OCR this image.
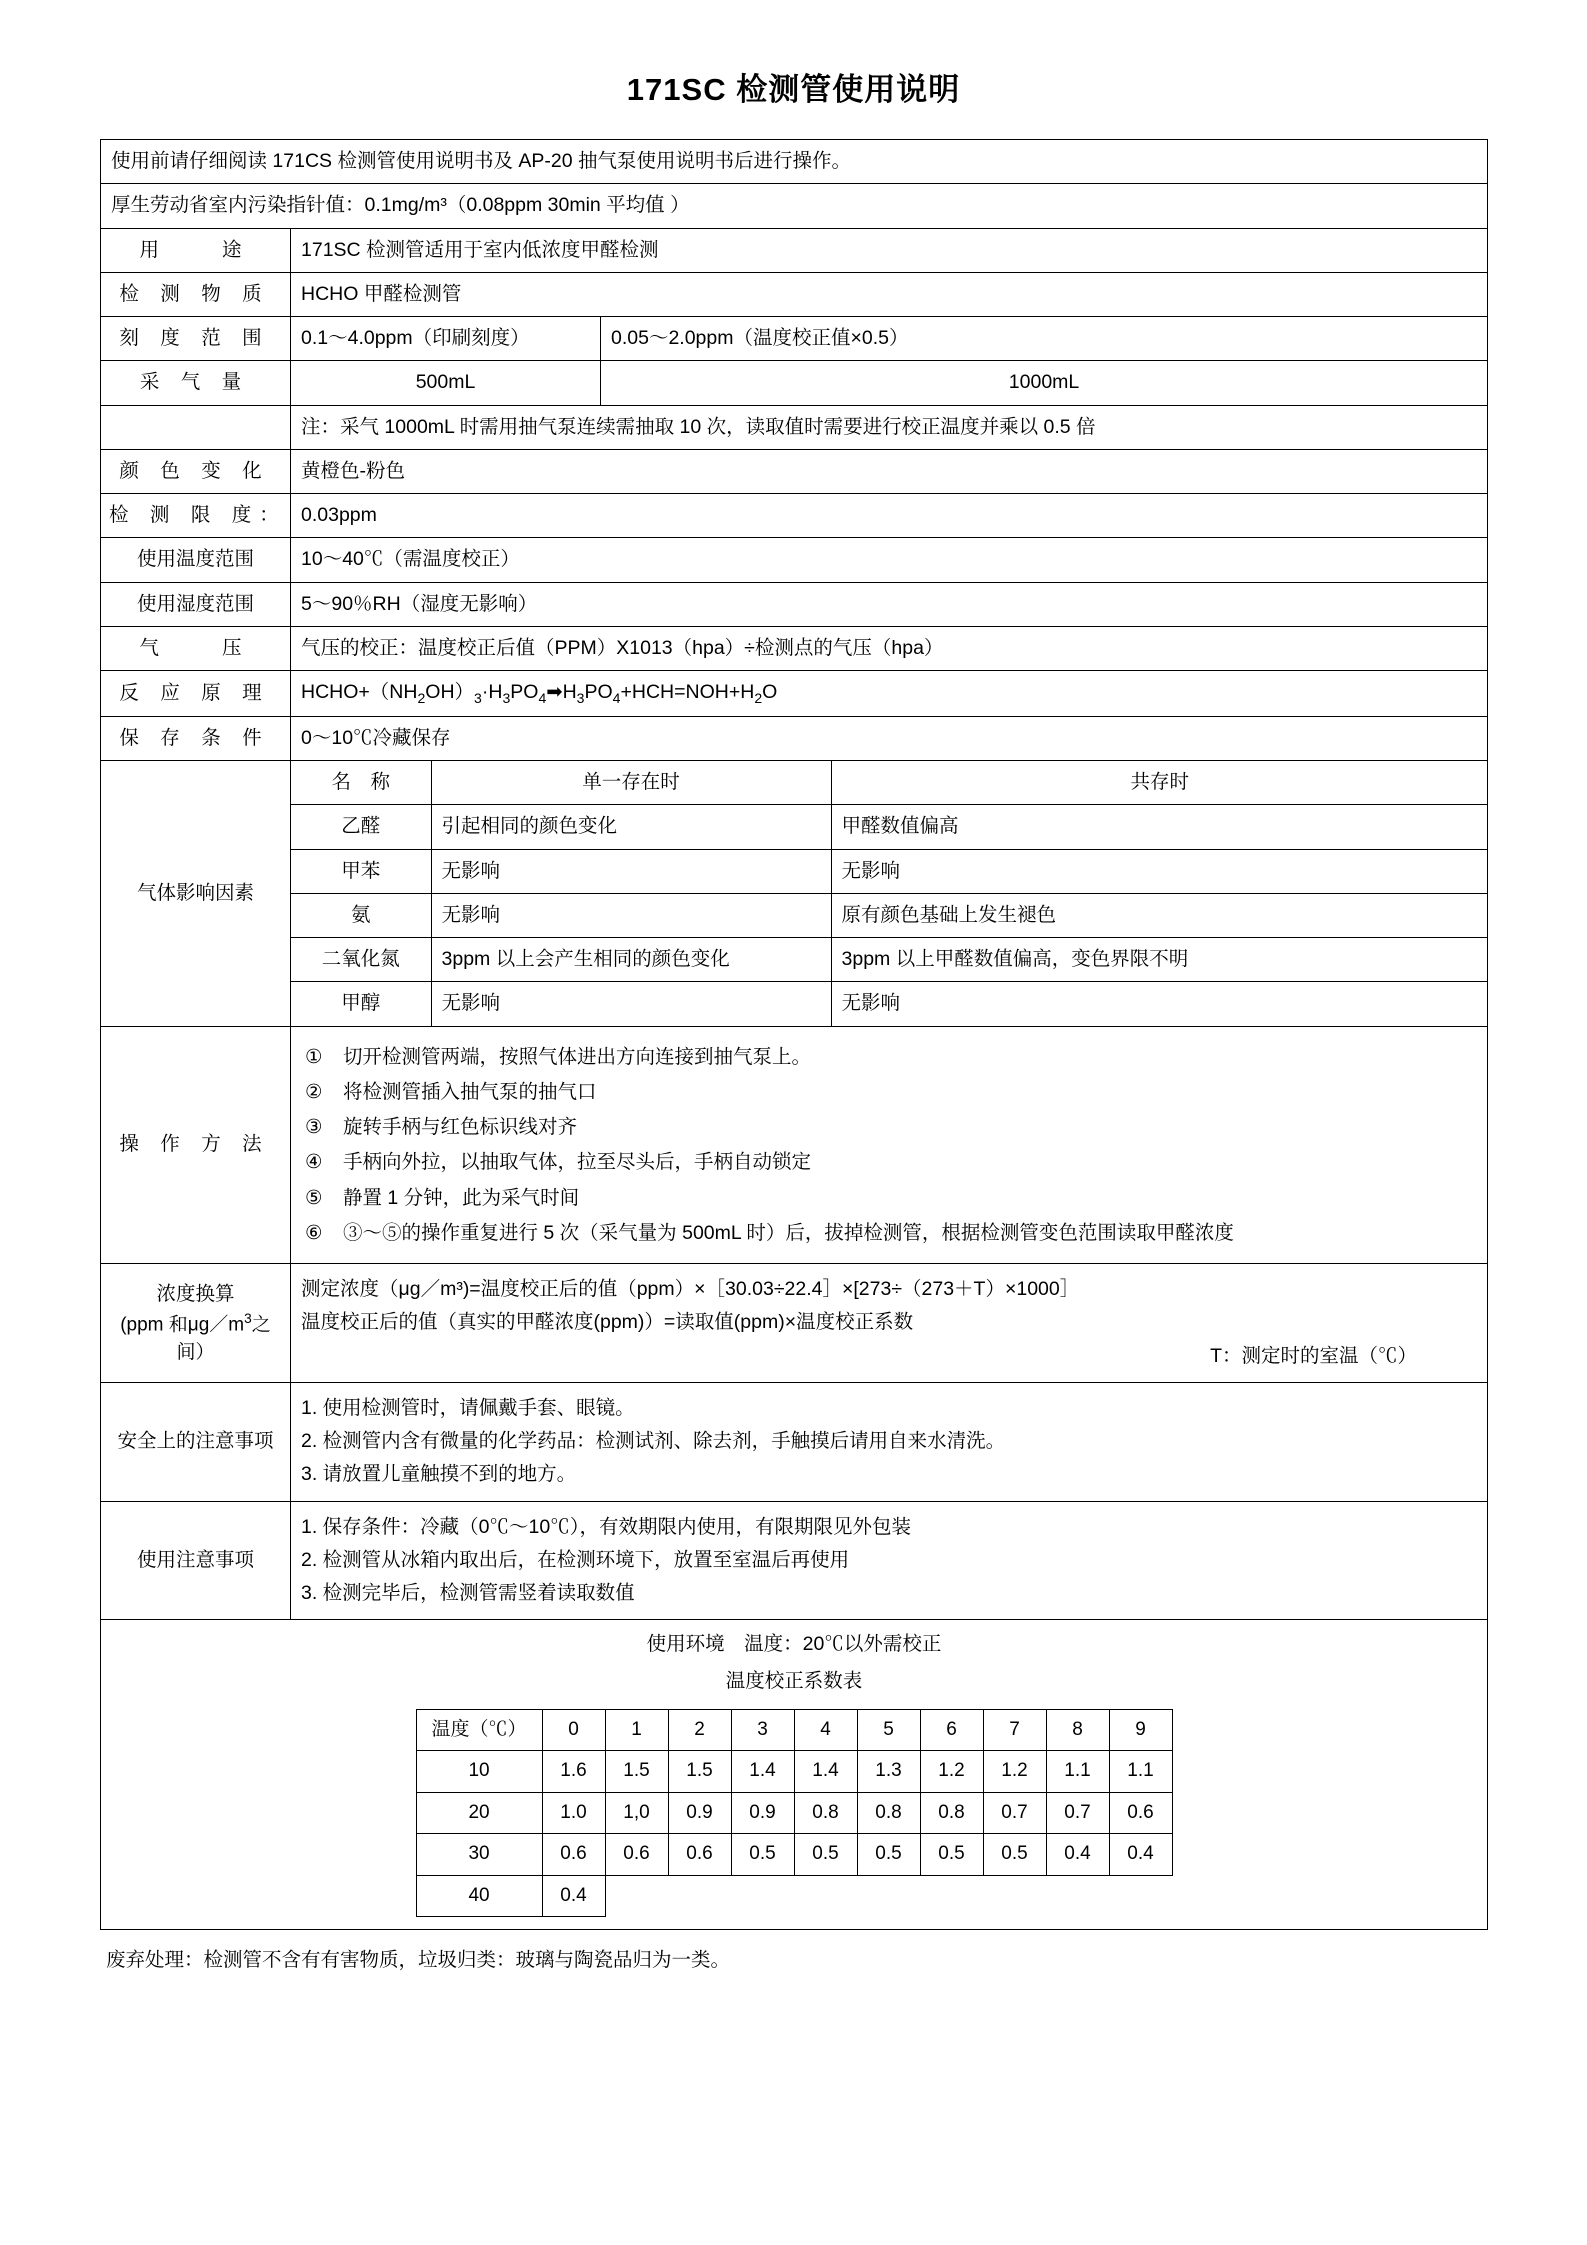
171SC 检测管使用说明
使用前请仔细阅读 171CS 检测管使用说明书及 AP-20 抽气泵使用说明书后进行操作。
厚生劳动省室内污染指针值：0.1mg/m³（0.08ppm 30min 平均值 ）
用　　途	171SC 检测管适用于室内低浓度甲醛检测
检 测 物 质	HCHO 甲醛检测管
刻 度 范 围	0.1～4.0ppm（印刷刻度）	0.05～2.0ppm（温度校正值×0.5）
采 气 量	500mL	1000mL
	注：采气 1000mL 时需用抽气泵连续需抽取 10 次，读取值时需要进行校正温度并乘以 0.5 倍
颜 色 变 化	黄橙色-粉色
检 测 限 度：	0.03ppm
使用温度范围	10～40℃（需温度校正）
使用湿度范围	5～90％RH（湿度无影响）
气　　压	气压的校正：温度校正后值（PPM）X1013（hpa）÷检测点的气压（hpa）
反 应 原 理	$HCHO+(NH_2OH)_3\cdot H_3PO_4➡H_3PO_4+HCH=NOH+H_2O$
保 存 条 件	0～10℃冷藏保存
气体影响因素	
名　称	单一存在时	共存时
乙醛	引起相同的颜色变化	甲醛数值偏高
甲苯	无影响	无影响
氨	无影响	原有颜色基础上发生褪色
二氧化氮	3ppm 以上会产生相同的颜色变化	3ppm 以上甲醛数值偏高，变色界限不明
甲醇	无影响	无影响

操 作 方 法	
①	切开检测管两端，按照气体进出方向连接到抽气泵上。
②	将检测管插入抽气泵的抽气口
③	旋转手柄与红色标识线对齐
④	手柄向外拉，以抽取气体，拉至尽头后，手柄自动锁定
⑤	静置 1 分钟，此为采气时间
⑥	③～⑤的操作重复进行 5 次（采气量为 500mL 时）后，拔掉检测管，根据检测管变色范围读取甲醛浓度

浓度换算
(ppm 和$\mu g/m^3$之
间）

测定浓度（μg／m³)=温度校正后的值（ppm）×［30.03÷22.4］×[273÷（273＋T）×1000］
温度校正后的值（真实的甲醛浓度(ppm)）=读取值(ppm)×温度校正系数
T：测定时的室温（℃）

安全上的注意事项	
1. 使用检测管时，请佩戴手套、眼镜。
2. 检测管内含有微量的化学药品：检测试剂、除去剂，手触摸后请用自来水清洗。
3. 请放置儿童触摸不到的地方。

使用注意事项	
1. 保存条件：冷藏（0℃～10℃），有效期限内使用，有限期限见外包装
2. 检测管从冰箱内取出后，在检测环境下，放置至室温后再使用
3. 检测完毕后，检测管需竖着读取数值

使用环境　温度：20℃以外需校正
温度校正系数表
温度（℃）	0	1	2	3	4	5	6	7	8	9
10	1.6	1.5	1.5	1.4	1.4	1.3	1.2	1.2	1.1	1.1
20	1.0	1,0	0.9	0.9	0.8	0.8	0.8	0.7	0.7	0.6
30	0.6	0.6	0.6	0.5	0.5	0.5	0.5	0.5	0.4	0.4
40	0.4									
废弃处理：检测管不含有有害物质，垃圾归类：玻璃与陶瓷品归为一类。
